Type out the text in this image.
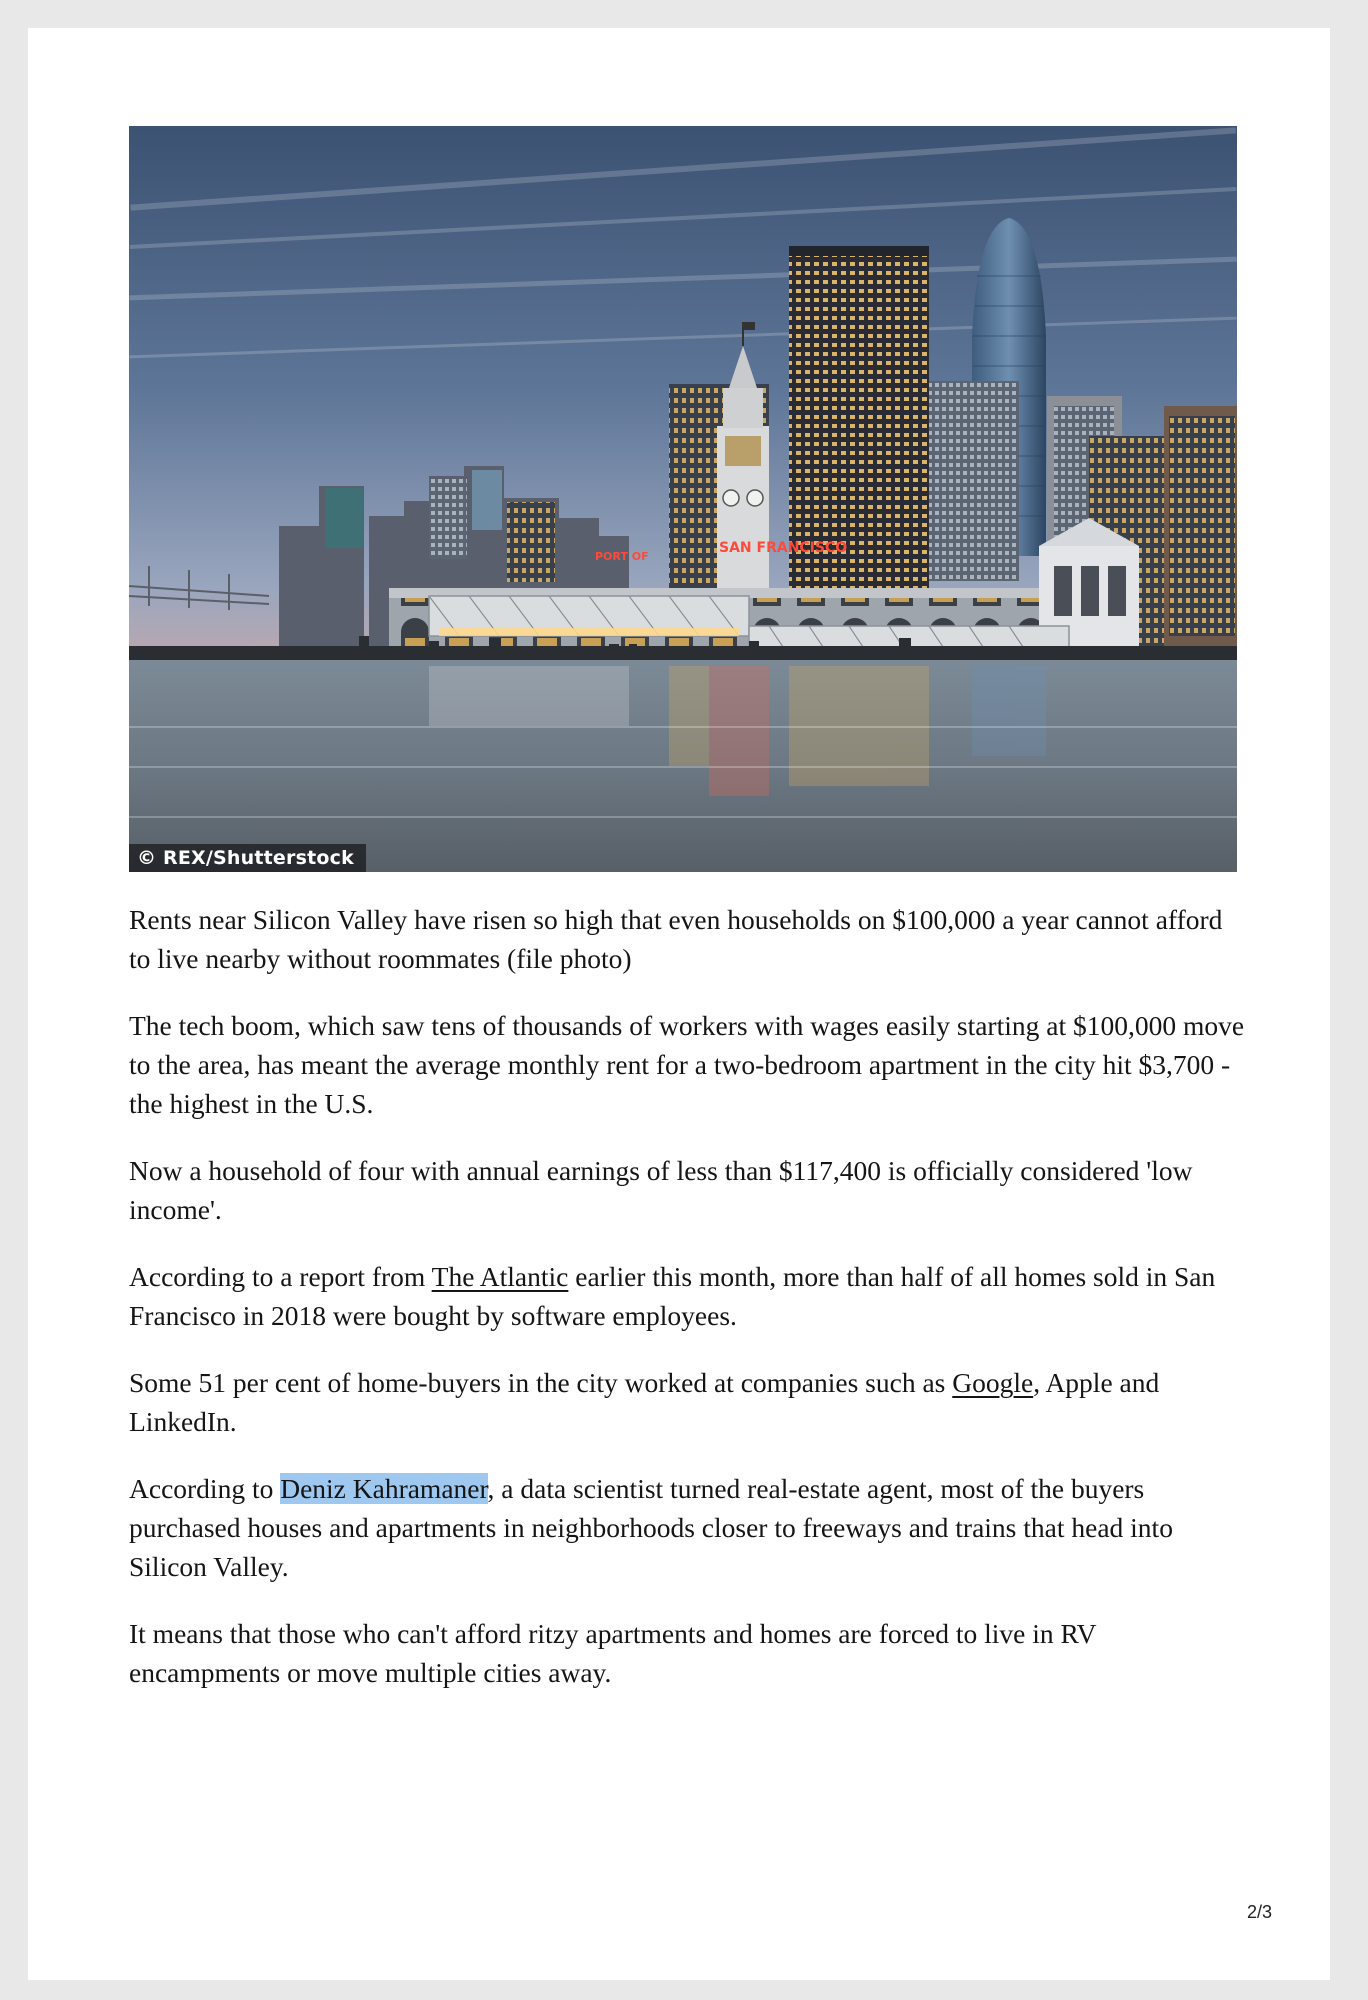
PORT OF
SAN FRANCISCO
© REX/Shutterstock

Rents near Silicon Valley have risen so high that even households on $100,000 a year cannot afford to live nearby without roommates (file photo)

The tech boom, which saw tens of thousands of workers with wages easily starting at $100,000 move to the area, has meant the average monthly rent for a two-bedroom apartment in the city hit $3,700 - the highest in the U.S.

Now a household of four with annual earnings of less than $117,400 is officially considered 'low income'.

According to a report from The Atlantic earlier this month, more than half of all homes sold in San Francisco in 2018 were bought by software employees.

Some 51 per cent of home-buyers in the city worked at companies such as Google, Apple and LinkedIn.

According to Deniz Kahramaner, a data scientist turned real-estate agent, most of the buyers purchased houses and apartments in neighborhoods closer to freeways and trains that head into Silicon Valley.

It means that those who can't afford ritzy apartments and homes are forced to live in RV encampments or move multiple cities away.

2/3
